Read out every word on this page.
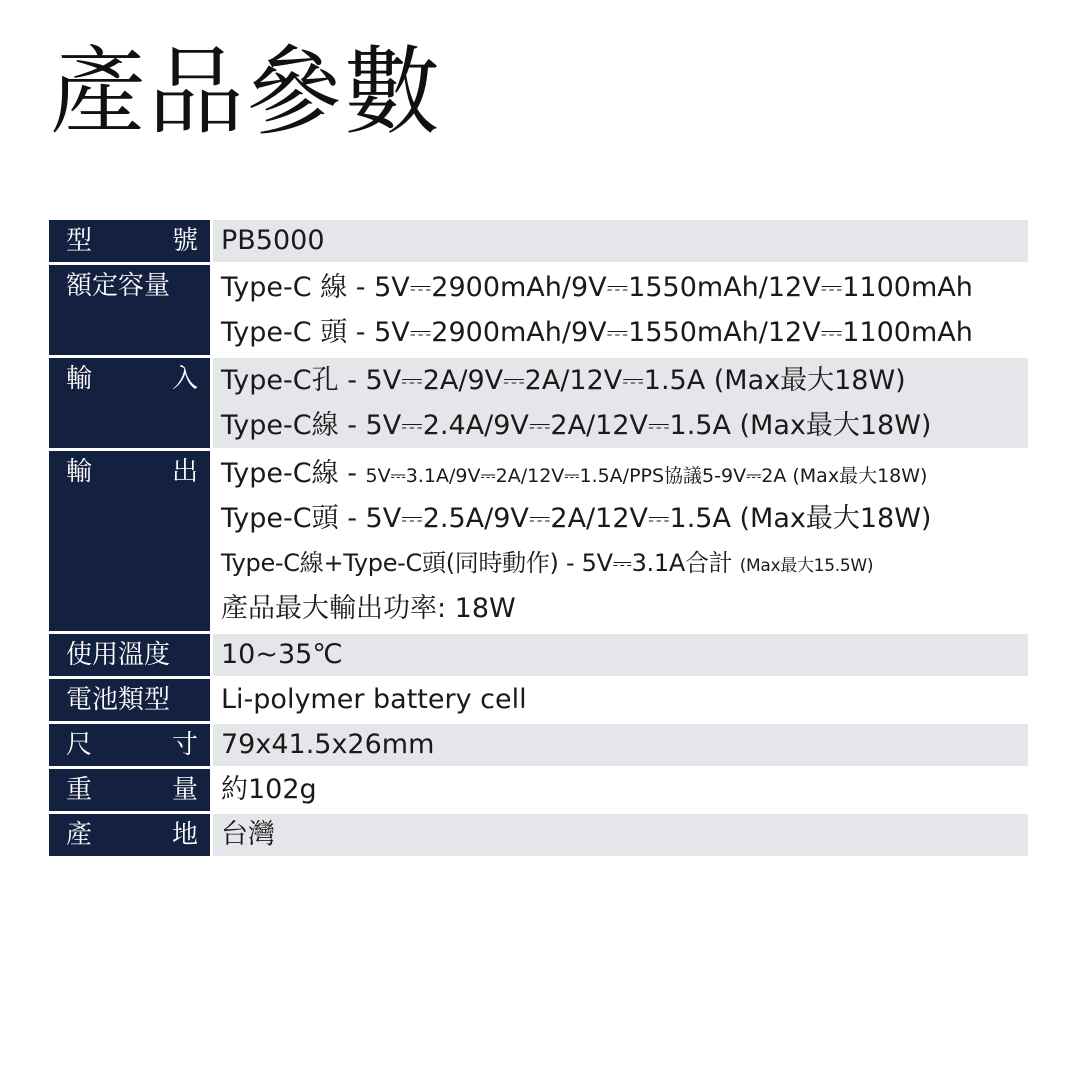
產品參數
型	號 PB5000
額定容量 Type-C 線 - 5V⎓2900mAh/9V⎓1550mAh/12V⎓1100mAh
Type-C 頭 - 5V⎓2900mAh/9V⎓1550mAh/12V⎓1100mAh
輸	入 Type-C孔 - 5V⎓2A/9V⎓2A/12V⎓1.5A (Max最大18W)
Type-C線 - 5V⎓2.4A/9V⎓2A/12V⎓1.5A (Max最大18W)
輸	出 Type-C線 - 5V⎓3.1A/9V⎓2A/12V⎓1.5A/PPS協議5-9V⎓2A (Max最大18W)
Type-C頭 - 5V⎓2.5A/9V⎓2A/12V⎓1.5A (Max最大18W)
Type-C線+Type-C頭(同時動作) - 5V⎓3.1A合計 (Max最大15.5W)
產品最大輸出功率: 18W
使用溫度 10~35℃
電池類型 Li-polymer battery cell
尺	寸 79x41.5x26mm
重	量 約102g
產	地 台灣
